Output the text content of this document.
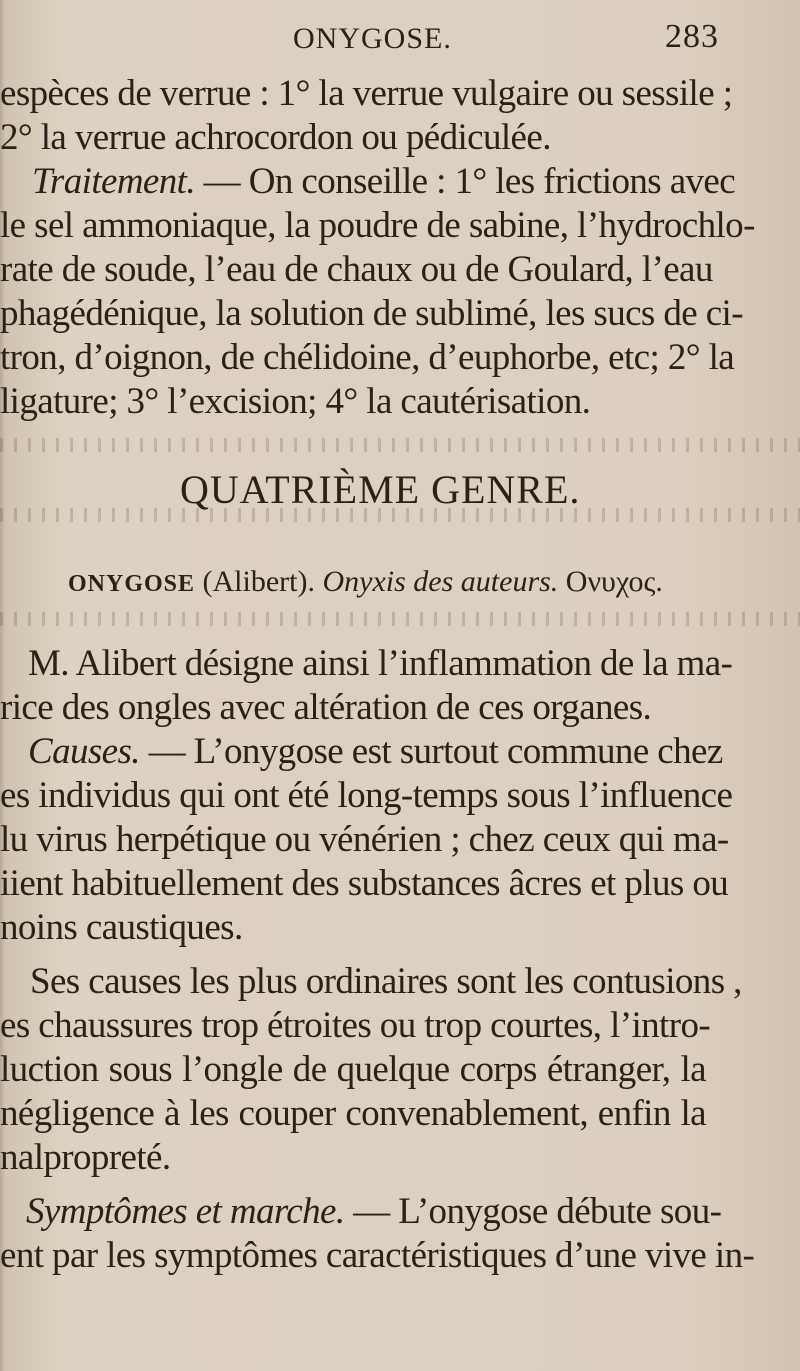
ONYGOSE.	283
espèces de verrue : 1° la verrue vulgaire ou sessile ;
2° la verrue achrocordon ou pédiculée.
Traitement. — On conseille : 1° les frictions avec
le sel ammoniaque, la poudre de sabine, l’hydrochlo-
rate de soude, l’eau de chaux ou de Goulard, l’eau
phagédénique, la solution de sublimé, les sucs de ci-
tron, d’oignon, de chélidoine, d’euphorbe, etc; 2° la
ligature; 3° l’excision; 4° la cautérisation.
QUATRIÈME GENRE.
ONYGOSE (Alibert). Onyxis des auteurs. Ονυχος.
M. Alibert désigne ainsi l’inflammation de la ma-
rice des ongles avec altération de ces organes.
Causes. — L’onygose est surtout commune chez
es individus qui ont été long-temps sous l’influence
lu virus herpétique ou vénérien ; chez ceux qui ma-
iient habituellement des substances âcres et plus ou
noins caustiques.
Ses causes les plus ordinaires sont les contusions ,
es chaussures trop étroites ou trop courtes, l’intro-
luction sous l’ongle de quelque corps étranger, la
négligence à les couper convenablement, enfin la
nalpropreté.
Symptômes et marche. — L’onygose débute sou-
ent par les symptômes caractéristiques d’une vive in-
